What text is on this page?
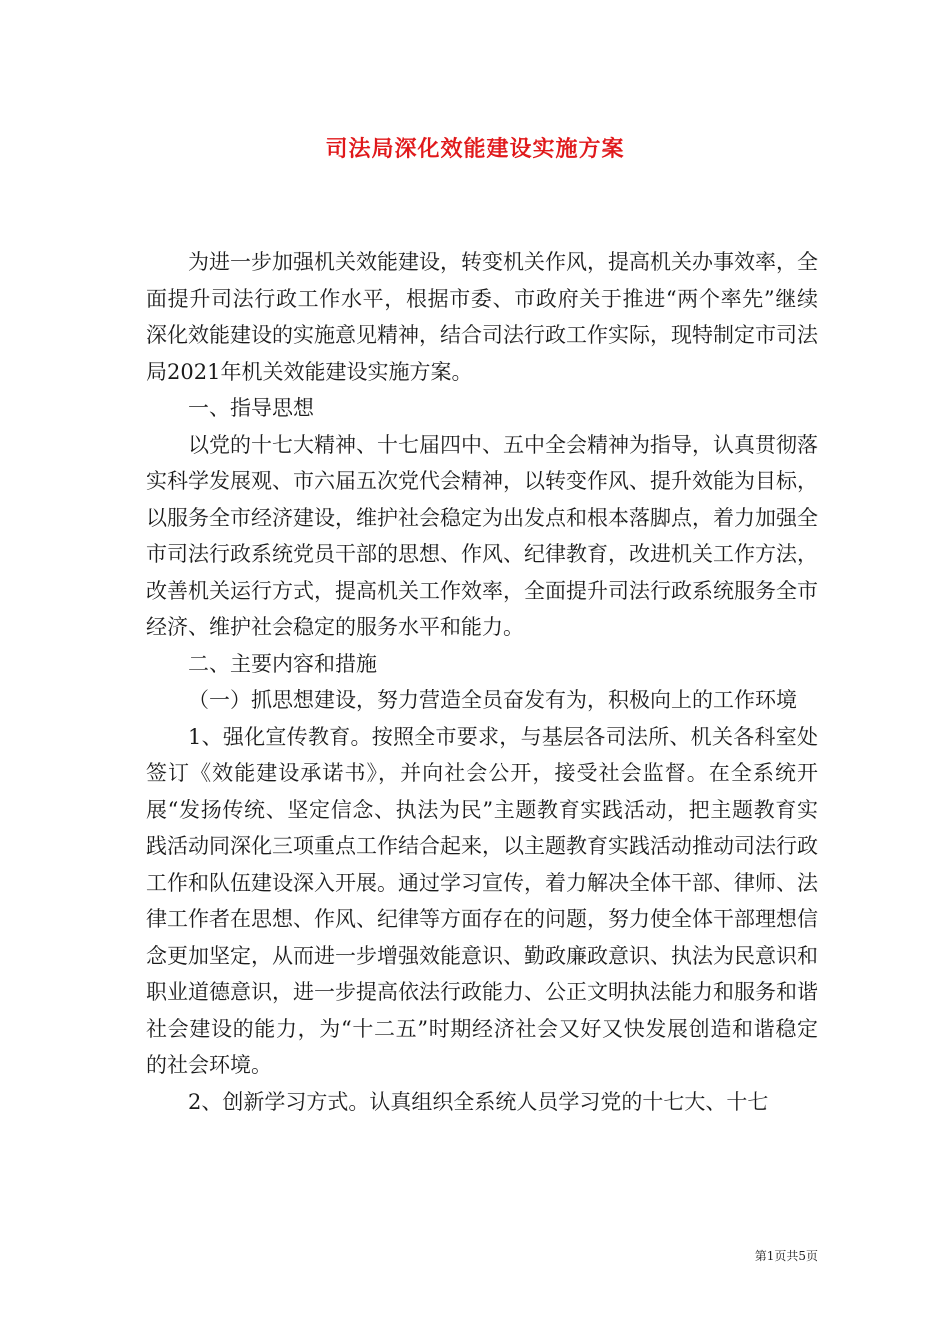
司法局深化效能建设实施方案

为进一步加强机关效能建设，转变机关作风，提高机关办事效率，全面提升司法行政工作水平，根据市委、市政府关于推进“两个率先”继续深化效能建设的实施意见精神，结合司法行政工作实际，现特制定市司法局2021年机关效能建设实施方案。

一、指导思想

以党的十七大精神、十七届四中、五中全会精神为指导，认真贯彻落实科学发展观、市六届五次党代会精神，以转变作风、提升效能为目标，以服务全市经济建设，维护社会稳定为出发点和根本落脚点，着力加强全市司法行政系统党员干部的思想、作风、纪律教育，改进机关工作方法，改善机关运行方式，提高机关工作效率，全面提升司法行政系统服务全市经济、维护社会稳定的服务水平和能力。

二、主要内容和措施

（一）抓思想建设，努力营造全员奋发有为，积极向上的工作环境

1、强化宣传教育。按照全市要求，与基层各司法所、机关各科室处签订《效能建设承诺书》，并向社会公开，接受社会监督。在全系统开展“发扬传统、坚定信念、执法为民”主题教育实践活动，把主题教育实践活动同深化三项重点工作结合起来，以主题教育实践活动推动司法行政工作和队伍建设深入开展。通过学习宣传，着力解决全体干部、律师、法律工作者在思想、作风、纪律等方面存在的问题，努力使全体干部理想信念更加坚定，从而进一步增强效能意识、勤政廉政意识、执法为民意识和职业道德意识，进一步提高依法行政能力、公正文明执法能力和服务和谐社会建设的能力，为“十二五”时期经济社会又好又快发展创造和谐稳定的社会环境。

2、创新学习方式。认真组织全系统人员学习党的十七大、十七

第1页共5页
